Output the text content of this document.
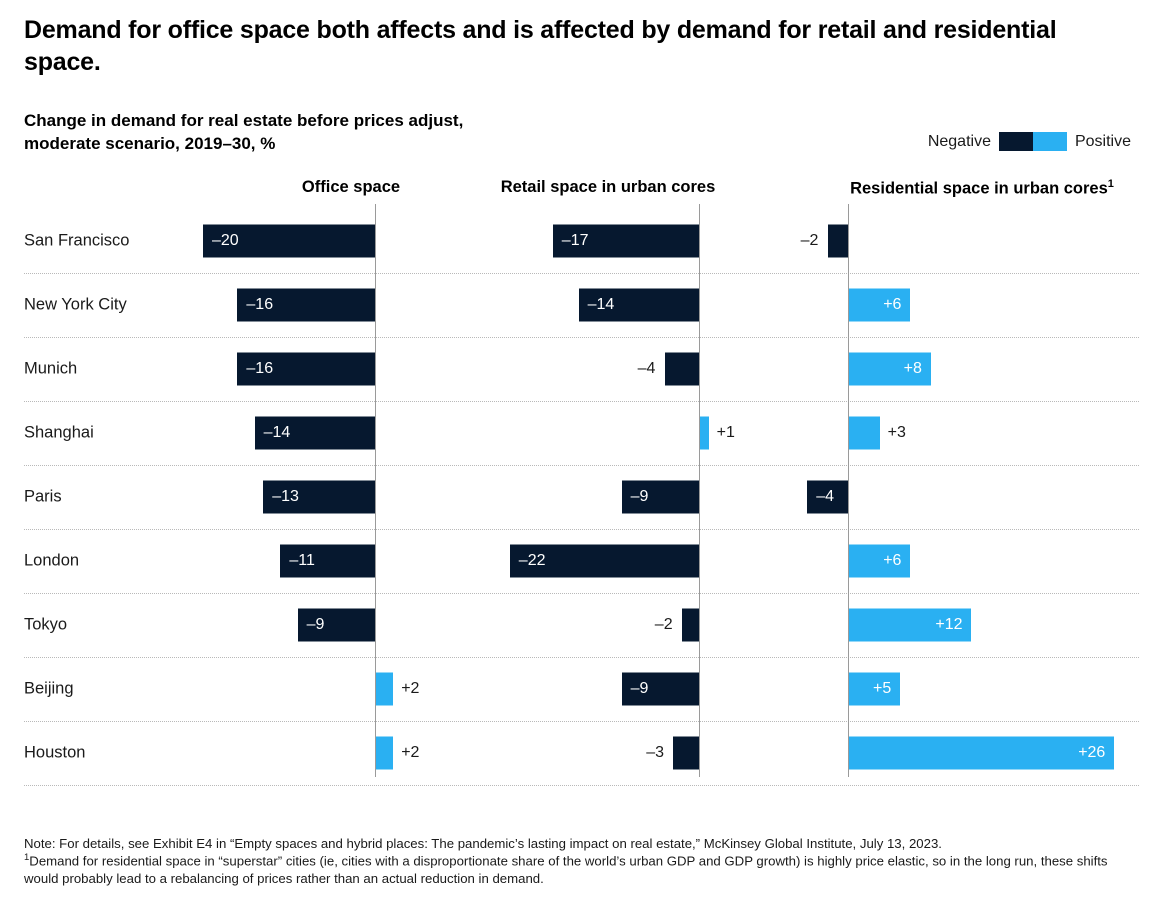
Demand for office space both affects and is affected by demand for retail and residential space.
Change in demand for real estate before prices adjust,
moderate scenario, 2019–30, %	Negative	Positive
Office space	Retail space in urban cores	Residential space in urban cores$^1$
San Francisco	–20	–17	–2
New York City	–16	–14	+6
Munich	–16	–4	+8
Shanghai	–14	+1	+3
Paris	–13	–9	–4
London	–11	–22	+6
Tokyo	–9	–2	+12
Beijing	+2	–9	+5
Houston	+2	–3	+26

Note: For details, see Exhibit E4 in “Empty spaces and hybrid places: The pandemic’s lasting impact on real estate,” McKinsey Global Institute, July 13, 2023.

$^1$Demand for residential space in “superstar” cities (ie, cities with a disproportionate share of the world’s urban GDP and GDP growth) is highly price elastic, so in the long run, these shifts would probably lead to a rebalancing of prices rather than an actual reduction in demand.
